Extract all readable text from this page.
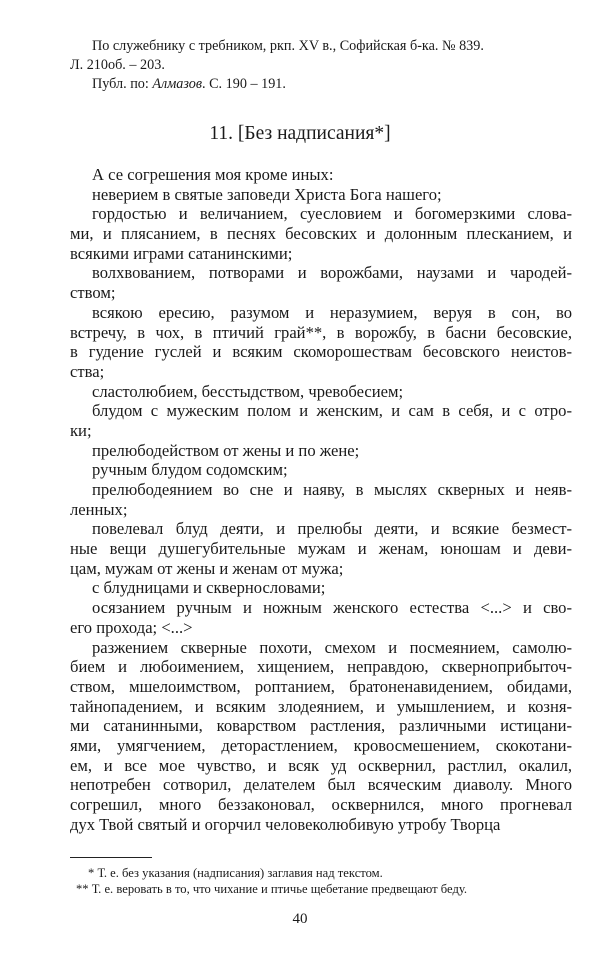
По служебнику с требником, ркп. XV в., Софийская б-ка. № 839.
Л. 210об. – 203.
Публ. по: Алмазов. С. 190 – 191.
11. [Без надписания*]
А се согрешения моя кроме иных:
неверием в святые заповеди Христа Бога нашего;
гордостью и величанием, суесловием и богомерзкими слова-
ми, и плясанием, в песнях бесовских и долонным плесканием, и
всякими играми сатанинскими;
волхвованием, потворами и ворожбами, наузами и чародей-
ством;
всякою ересию, разумом и неразумием, веруя в сон, во
встречу, в чох, в птичий грай**, в ворожбу, в басни бесовские,
в гудение гуслей и всяким скоморошествам бесовского неистов-
ства;
сластолюбием, бесстыдством, чревобесием;
блудом с мужеским полом и женским, и сам в себя, и с отро-
ки;
прелюбодейством от жены и по жене;
ручным блудом содомским;
прелюбодеянием во сне и наяву, в мыслях скверных и неяв-
ленных;
повелевал блуд деяти, и прелюбы деяти, и всякие безмест-
ные вещи душегубительные мужам и женам, юношам и деви-
цам, мужам от жены и женам от мужа;
с блудницами и сквернословами;
осязанием ручным и ножным женского естества <...> и сво-
его прохода; <...>
разжением скверные похоти, смехом и посмеянием, самолю-
бием и любоимением, хищением, неправдою, скверноприбыточ-
ством, мшелоимством, роптанием, братоненавидением, обидами,
тайнопадением, и всяким злодеянием, и умышлением, и козня-
ми сатанинными, коварством растления, различными истицани-
ями, умягчением, деторастлением, кровосмешением, скокотани-
ем, и все мое чувство, и всяк уд осквернил, растлил, окалил,
непотребен сотворил, делателем был всяческим диаволу. Много
согрешил, много беззаконовал, осквернился, много прогневал
дух Твой святый и огорчил человеколюбивую утробу Творца
* Т. е. без указания (надписания) заглавия над текстом.
** Т. е. веровать в то, что чихание и птичье щебетание предвещают беду.
40
